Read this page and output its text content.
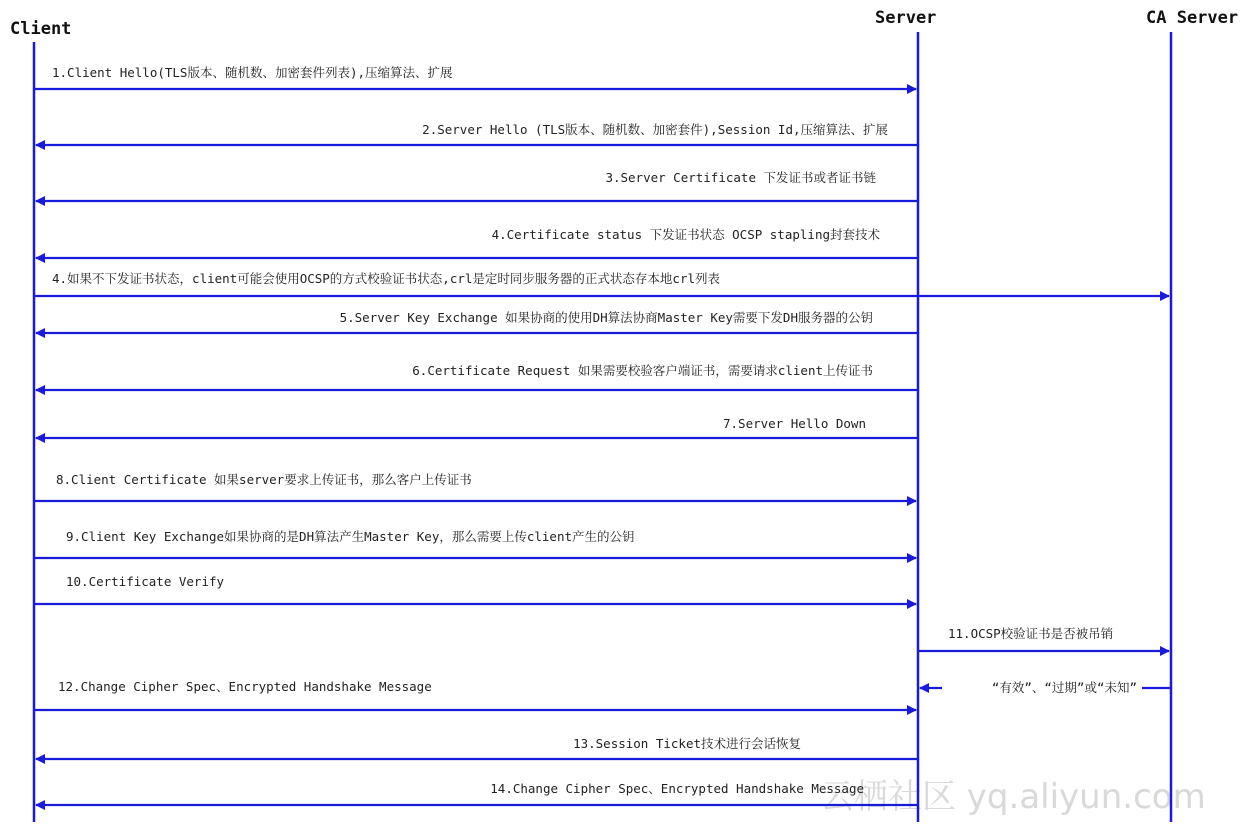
云栖社区 yq.aliyun.com
Client
Server	CA Server
1.Client Hello(TLS版本、随机数、加密套件列表),压缩算法、扩展
2.Server Hello (TLS版本、随机数、加密套件),Session Id,压缩算法、扩展
3.Server Certificate 下发证书或者证书链
4.Certificate status 下发证书状态 OCSP stapling封套技术
4.如果不下发证书状态，client可能会使用OCSP的方式校验证书状态,crl是定时同步服务器的正式状态存本地crl列表
5.Server Key Exchange 如果协商的使用DH算法协商Master Key需要下发DH服务器的公钥
6.Certificate Request 如果需要校验客户端证书，需要请求client上传证书
7.Server Hello Down
8.Client Certificate 如果server要求上传证书，那么客户上传证书
9.Client Key Exchange如果协商的是DH算法产生Master Key，那么需要上传client产生的公钥
10.Certificate Verify
11.OCSP校验证书是否被吊销
“有效”、“过期”或“未知”
12.Change Cipher Spec、Encrypted Handshake Message
13.Session Ticket技术进行会话恢复
14.Change Cipher Spec、Encrypted Handshake Message
